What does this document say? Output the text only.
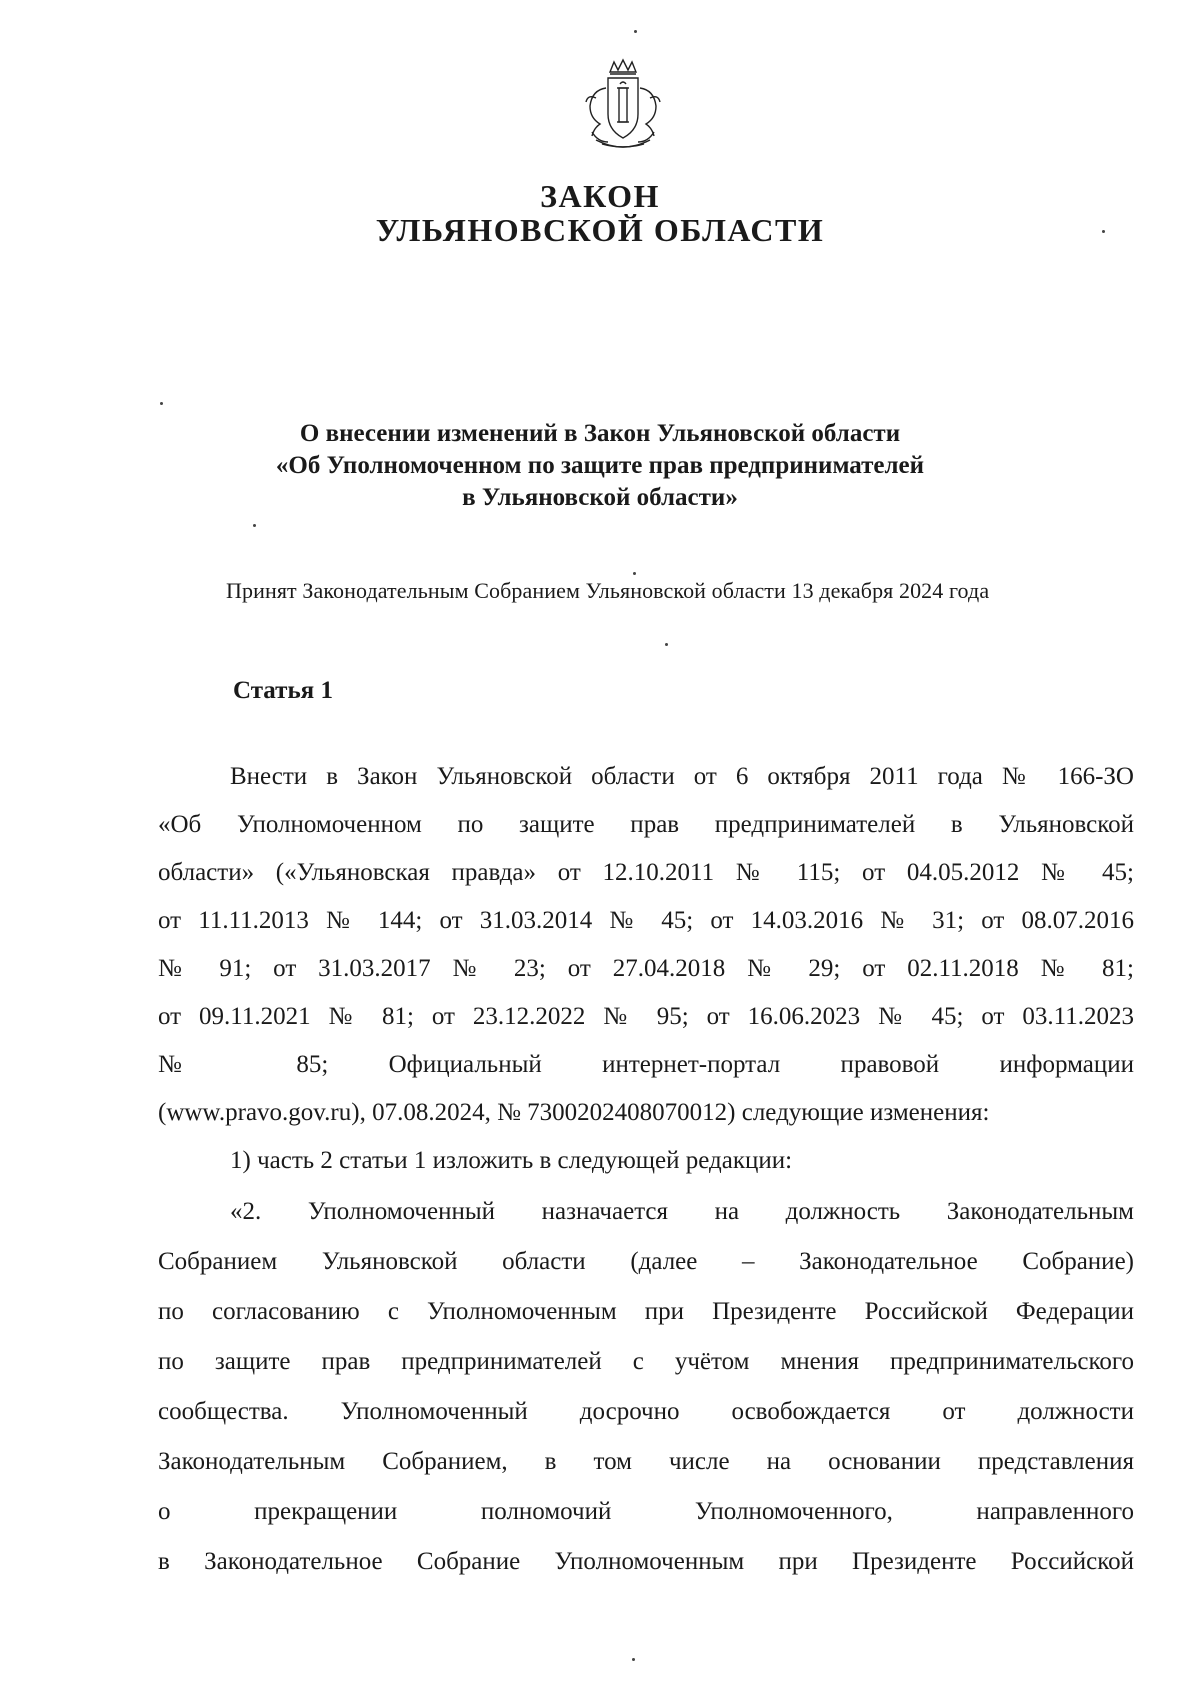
ЗАКОН
УЛЬЯНОВСКОЙ ОБЛАСТИ
О внесении изменений в Закон Ульяновской области
«Об Уполномоченном по защите прав предпринимателей
в Ульяновской области»
Принят Законодательным Собранием Ульяновской области 13 декабря 2024 года
Статья 1
Внести в Закон Ульяновской области от 6 октября 2011 года № 166-ЗО
«Об Уполномоченном по защите прав предпринимателей в Ульяновской
области» («Ульяновская правда» от 12.10.2011 № 115; от 04.05.2012 № 45;
от 11.11.2013 № 144; от 31.03.2014 № 45; от 14.03.2016 № 31; от 08.07.2016
№ 91; от 31.03.2017 № 23; от 27.04.2018 № 29; от 02.11.2018 № 81;
от 09.11.2021 № 81; от 23.12.2022 № 95; от 16.06.2023 № 45; от 03.11.2023
№ 85; Официальный интернет-портал правовой информации
(www.pravo.gov.ru), 07.08.2024, № 7300202408070012) следующие изменения:
1) часть 2 статьи 1 изложить в следующей редакции:
«2. Уполномоченный назначается на должность Законодательным
Собранием Ульяновской области (далее – Законодательное Собрание)
по согласованию с Уполномоченным при Президенте Российской Федерации
по защите прав предпринимателей с учётом мнения предпринимательского
сообщества. Уполномоченный досрочно освобождается от должности
Законодательным Собранием, в том числе на основании представления
о прекращении полномочий Уполномоченного, направленного
в Законодательное Собрание Уполномоченным при Президенте Российской
